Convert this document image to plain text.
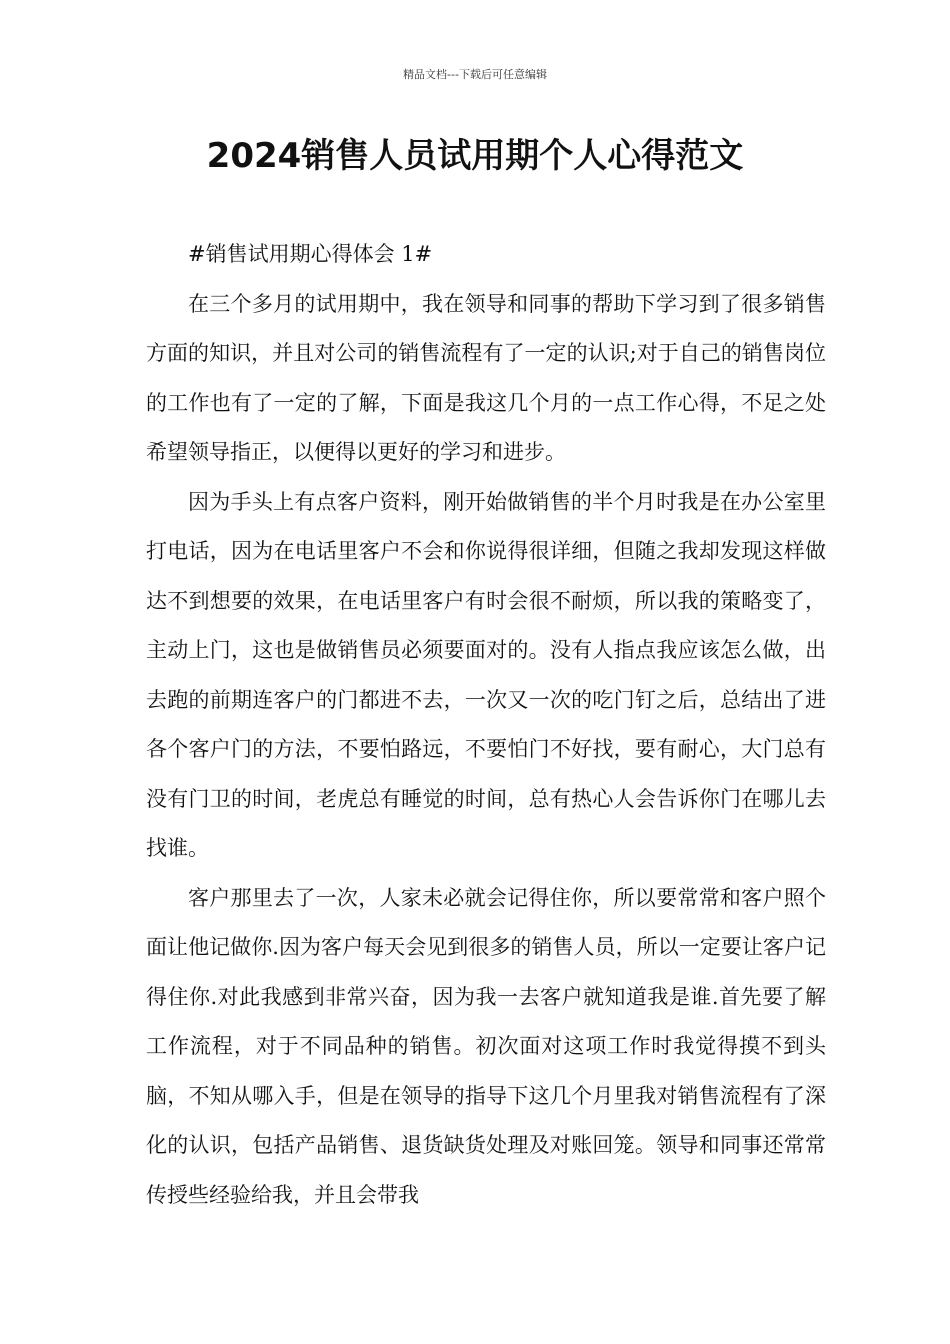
精品文档---下载后可任意编辑
2024销售人员试用期个人心得范文

#销售试用期心得体会 1#

在三个多月的试用期中，我在领导和同事的帮助下学习到了很多销售方面的知识，并且对公司的销售流程有了一定的认识;对于自己的销售岗位的工作也有了一定的了解，下面是我这几个月的一点工作心得，不足之处希望领导指正，以便得以更好的学习和进步。

因为手头上有点客户资料，刚开始做销售的半个月时我是在办公室里打电话，因为在电话里客户不会和你说得很详细，但随之我却发现这样做达不到想要的效果，在电话里客户有时会很不耐烦，所以我的策略变了，主动上门，这也是做销售员必须要面对的。没有人指点我应该怎么做，出去跑的前期连客户的门都进不去，一次又一次的吃门钉之后，总结出了进各个客户门的方法，不要怕路远，不要怕门不好找，要有耐心，大门总有没有门卫的时间，老虎总有睡觉的时间，总有热心人会告诉你门在哪儿去找谁。

客户那里去了一次，人家未必就会记得住你，所以要常常和客户照个面让他记做你.因为客户每天会见到很多的销售人员，所以一定要让客户记得住你.对此我感到非常兴奋，因为我一去客户就知道我是谁.首先要了解工作流程，对于不同品种的销售。初次面对这项工作时我觉得摸不到头脑，不知从哪入手，但是在领导的指导下这几个月里我对销售流程有了深化的认识，包括产品销售、退货缺货处理及对账回笼。领导和同事还常常传授些经验给我，并且会带我
